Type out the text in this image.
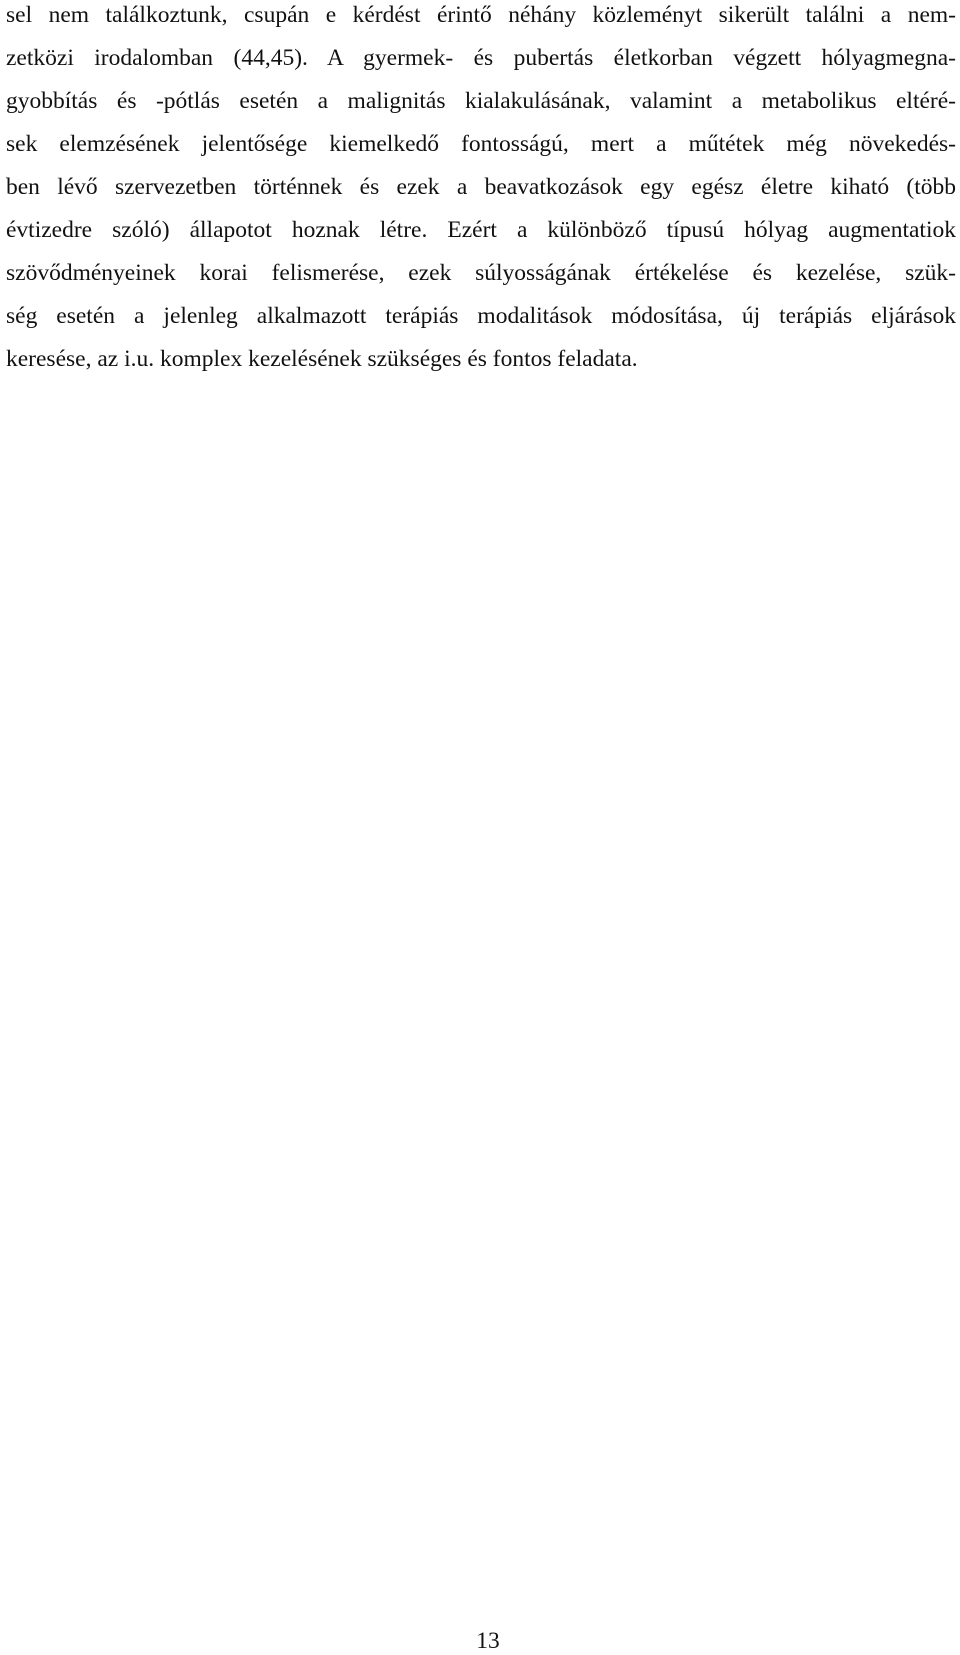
sel nem találkoztunk, csupán e kérdést érintő néhány közleményt sikerült találni a nem-
zetközi irodalomban (44,45). A gyermek- és pubertás életkorban végzett hólyagmegna-
gyobbítás és -pótlás esetén a malignitás kialakulásának, valamint a metabolikus eltéré-
sek elemzésének jelentősége kiemelkedő fontosságú, mert a műtétek még növekedés-
ben lévő szervezetben történnek és ezek a beavatkozások egy egész életre kiható (több
évtizedre szóló) állapotot hoznak létre. Ezért a különböző típusú hólyag augmentatiok
szövődményeinek korai felismerése, ezek súlyosságának értékelése és kezelése, szük-
ség esetén a jelenleg alkalmazott terápiás modalitások módosítása, új terápiás eljárások
keresése, az i.u. komplex kezelésének szükséges és fontos feladata.
13
